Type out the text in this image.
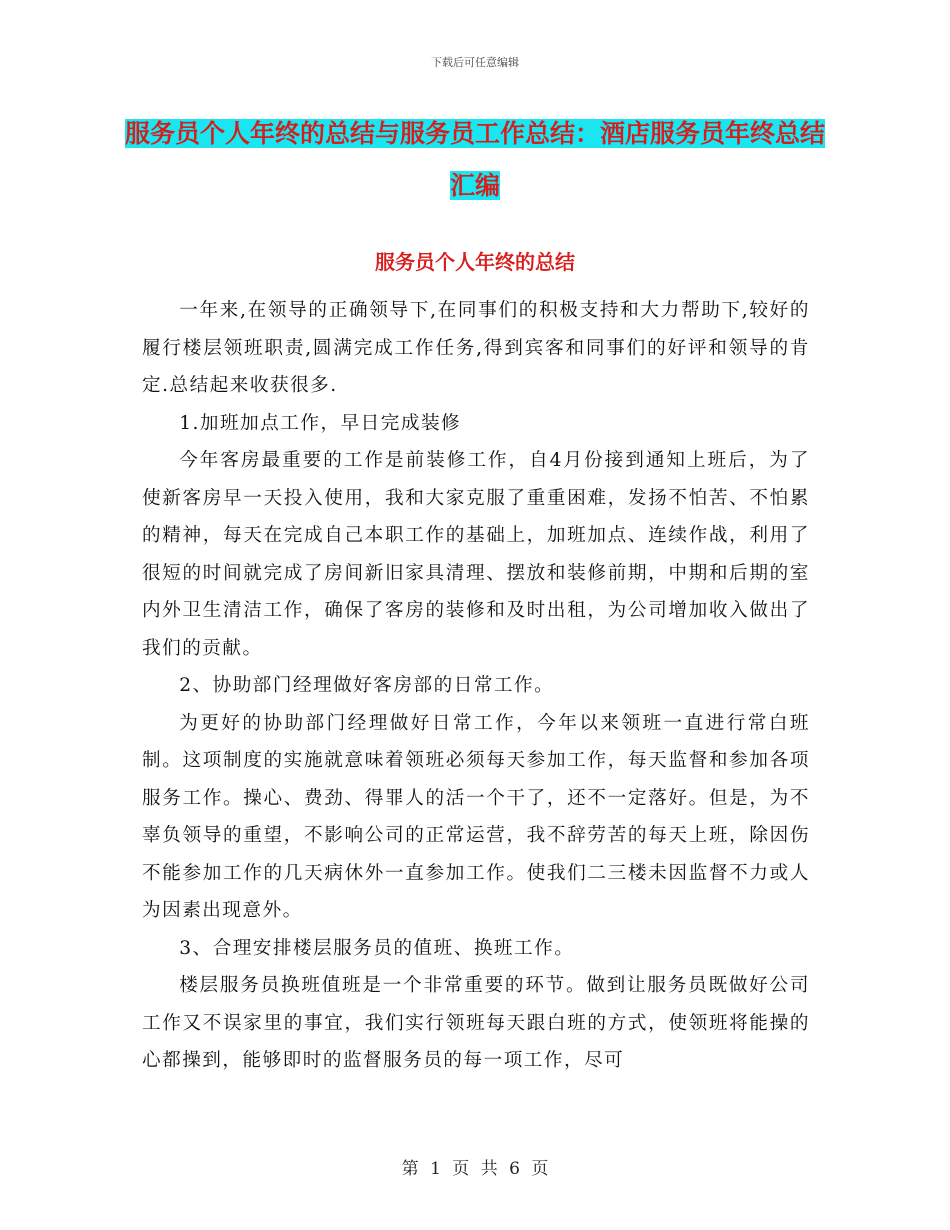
下载后可任意编辑
服务员个人年终的总结与服务员工作总结：酒店服务员年终总结汇编
服务员个人年终的总结

一年来,在领导的正确领导下,在同事们的积极支持和大力帮助下,较好的履行楼层领班职责,圆满完成工作任务,得到宾客和同事们的好评和领导的肯定.总结起来收获很多.

1.加班加点工作，早日完成装修

今年客房最重要的工作是前装修工作，自4月份接到通知上班后，为了使新客房早一天投入使用，我和大家克服了重重困难，发扬不怕苦、不怕累的精神，每天在完成自己本职工作的基础上，加班加点、连续作战，利用了很短的时间就完成了房间新旧家具清理、摆放和装修前期，中期和后期的室内外卫生清洁工作，确保了客房的装修和及时出租，为公司增加收入做出了我们的贡献。

2、协助部门经理做好客房部的日常工作。

为更好的协助部门经理做好日常工作，今年以来领班一直进行常白班制。这项制度的实施就意味着领班必须每天参加工作，每天监督和参加各项服务工作。操心、费劲、得罪人的活一个干了，还不一定落好。但是，为不辜负领导的重望，不影响公司的正常运营，我不辞劳苦的每天上班，除因伤不能参加工作的几天病休外一直参加工作。使我们二三楼未因监督不力或人为因素出现意外。

3、合理安排楼层服务员的值班、换班工作。

楼层服务员换班值班是一个非常重要的环节。做到让服务员既做好公司工作又不误家里的事宜，我们实行领班每天跟白班的方式，使领班将能操的心都操到，能够即时的监督服务员的每一项工作，尽可

第 1 页 共 6 页
